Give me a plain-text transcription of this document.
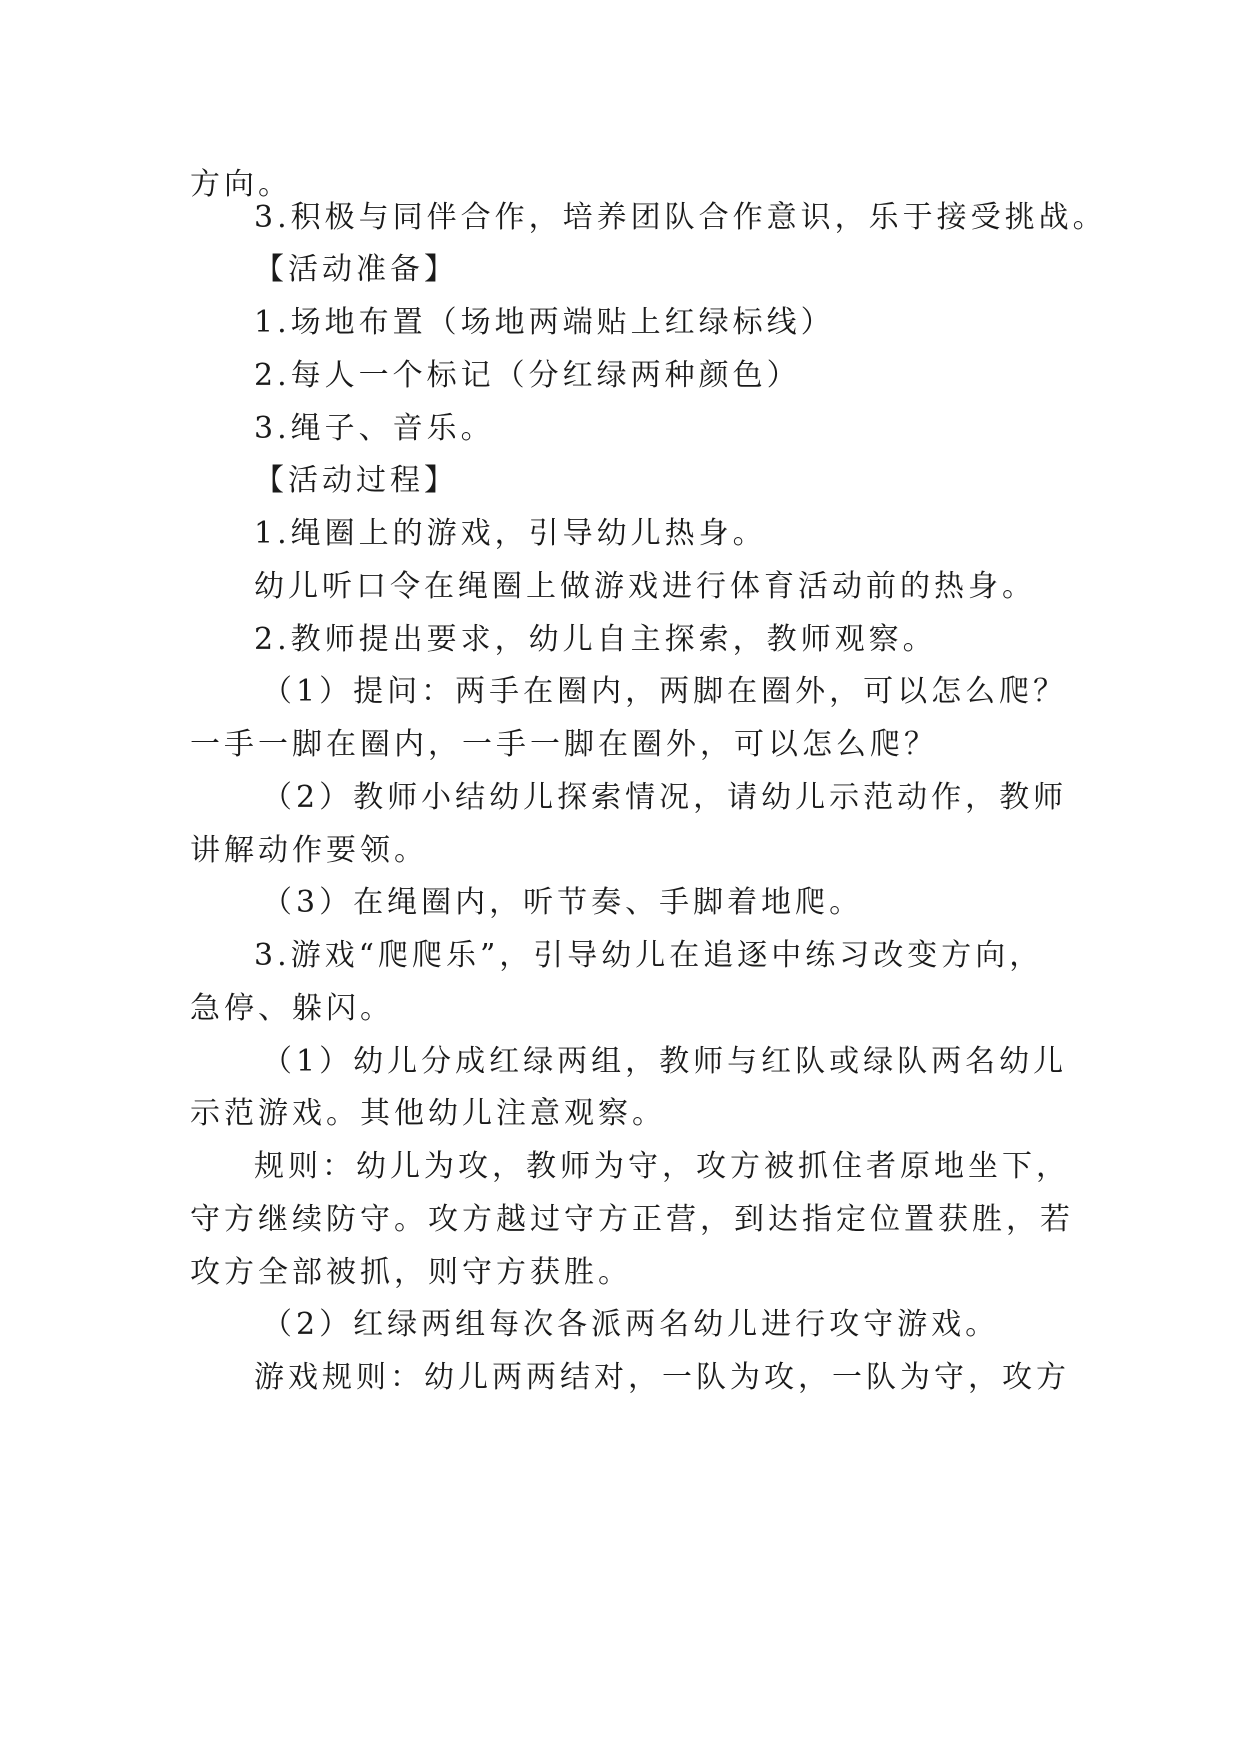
方向。
3.积极与同伴合作，培养团队合作意识，乐于接受挑战。
【活动准备】
1.场地布置（场地两端贴上红绿标线）
2.每人一个标记（分红绿两种颜色）
3.绳子、音乐。
【活动过程】
1.绳圈上的游戏，引导幼儿热身。
幼儿听口令在绳圈上做游戏进行体育活动前的热身。
2.教师提出要求，幼儿自主探索，教师观察。
（1）提问：两手在圈内，两脚在圈外，可以怎么爬？
一手一脚在圈内，一手一脚在圈外，可以怎么爬？
（2）教师小结幼儿探索情况，请幼儿示范动作，教师
讲解动作要领。
（3）在绳圈内，听节奏、手脚着地爬。
3.游戏“爬爬乐”，引导幼儿在追逐中练习改变方向，
急停、躲闪。
（1）幼儿分成红绿两组，教师与红队或绿队两名幼儿
示范游戏。其他幼儿注意观察。
规则：幼儿为攻，教师为守，攻方被抓住者原地坐下，
守方继续防守。攻方越过守方正营，到达指定位置获胜，若
攻方全部被抓，则守方获胜。
（2）红绿两组每次各派两名幼儿进行攻守游戏。
游戏规则：幼儿两两结对，一队为攻，一队为守，攻方
